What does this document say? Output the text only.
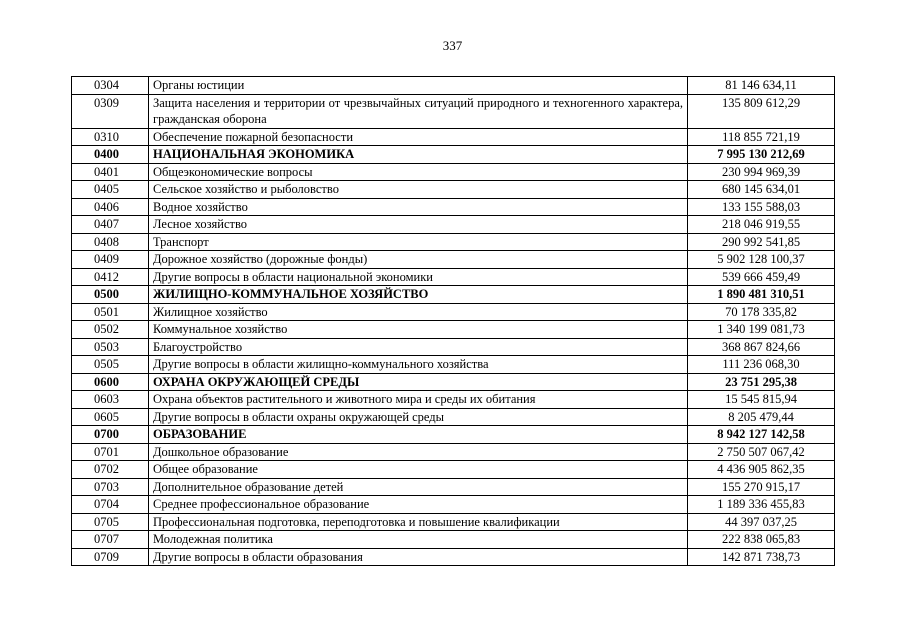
337
0304	Органы юстиции	81 146 634,11
0309	Защита населения и территории от чрезвычайных ситуаций природного и техногенного характера, гражданская оборона	135 809 612,29
0310	Обеспечение пожарной безопасности	118 855 721,19
0400	НАЦИОНАЛЬНАЯ ЭКОНОМИКА	7 995 130 212,69
0401	Общеэкономические вопросы	230 994 969,39
0405	Сельское хозяйство и рыболовство	680 145 634,01
0406	Водное хозяйство	133 155 588,03
0407	Лесное хозяйство	218 046 919,55
0408	Транспорт	290 992 541,85
0409	Дорожное хозяйство (дорожные фонды)	5 902 128 100,37
0412	Другие вопросы в области национальной экономики	539 666 459,49
0500	ЖИЛИЩНО-КОММУНАЛЬНОЕ ХОЗЯЙСТВО	1 890 481 310,51
0501	Жилищное хозяйство	70 178 335,82
0502	Коммунальное хозяйство	1 340 199 081,73
0503	Благоустройство	368 867 824,66
0505	Другие вопросы в области жилищно-коммунального хозяйства	111 236 068,30
0600	ОХРАНА ОКРУЖАЮЩЕЙ СРЕДЫ	23 751 295,38
0603	Охрана объектов растительного и животного мира и среды их обитания	15 545 815,94
0605	Другие вопросы в области охраны окружающей среды	8 205 479,44
0700	ОБРАЗОВАНИЕ	8 942 127 142,58
0701	Дошкольное образование	2 750 507 067,42
0702	Общее образование	4 436 905 862,35
0703	Дополнительное образование детей	155 270 915,17
0704	Среднее профессиональное образование	1 189 336 455,83
0705	Профессиональная подготовка, переподготовка и повышение квалификации	44 397 037,25
0707	Молодежная политика	222 838 065,83
0709	Другие вопросы в области образования	142 871 738,73
